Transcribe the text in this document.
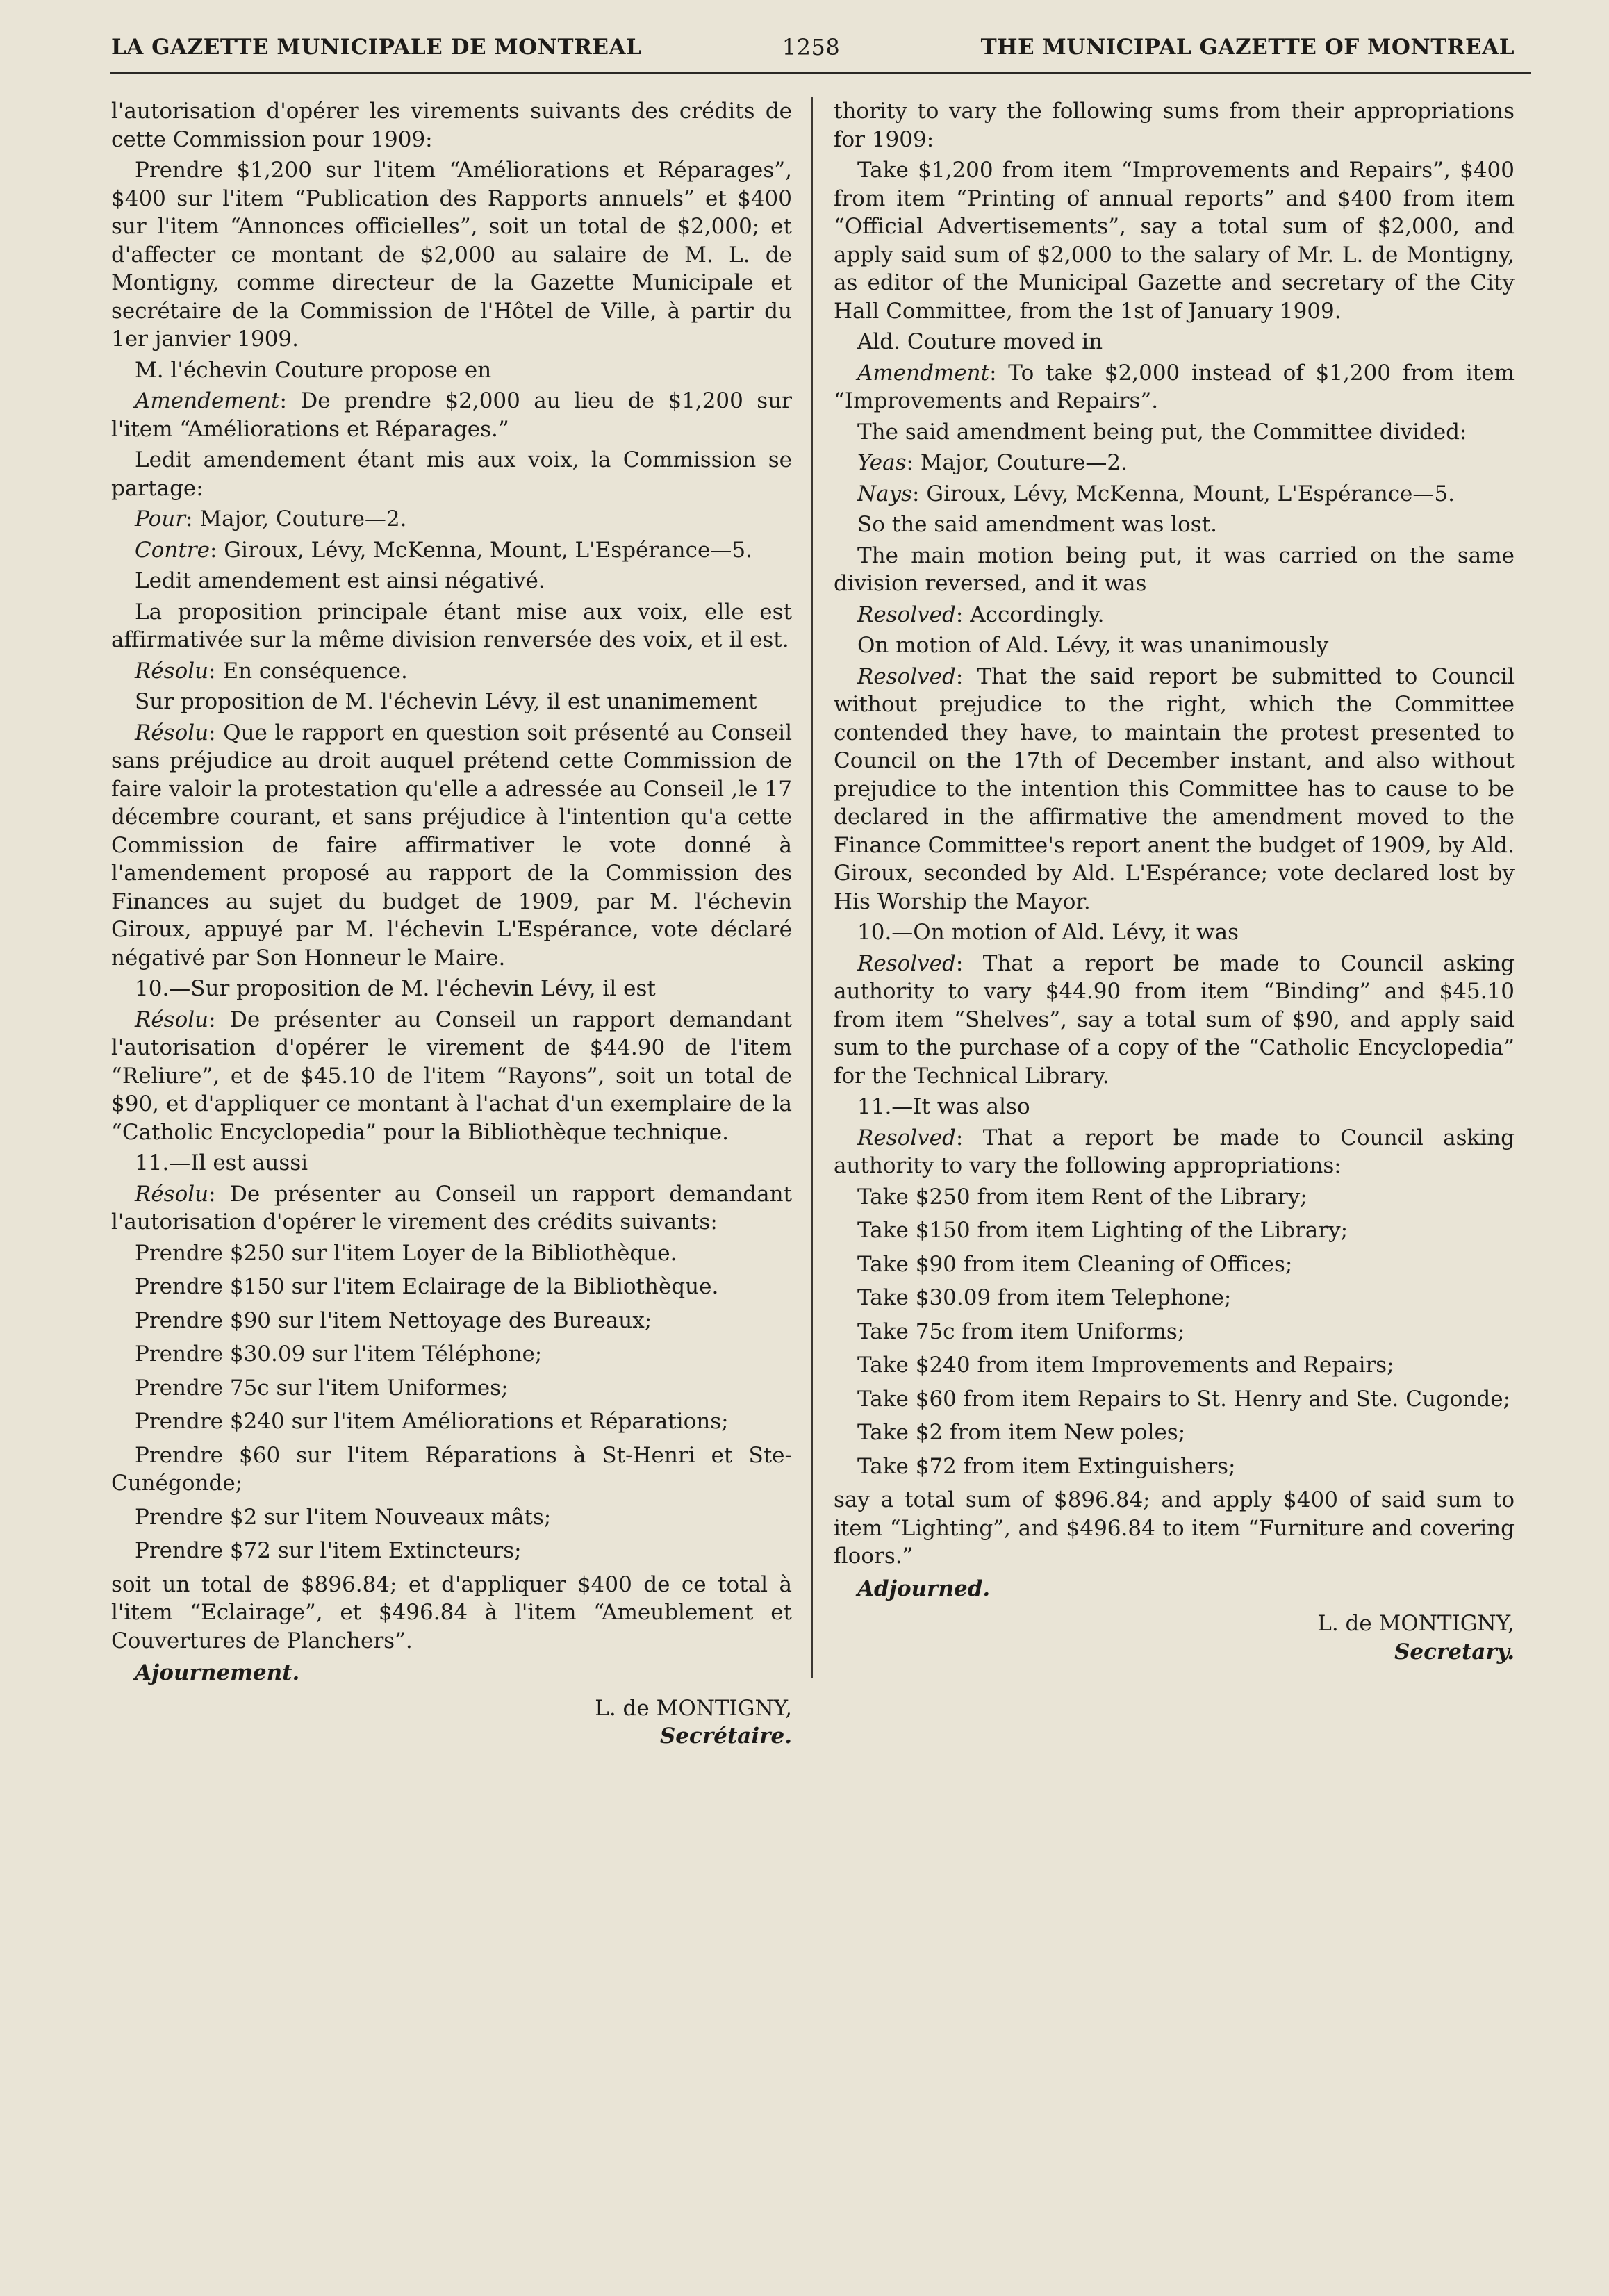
LA GAZETTE MUNICIPALE DE MONTREAL	1258	THE MUNICIPAL GAZETTE OF MONTREAL

l'autorisation d'opérer les virements suivants des crédits de cette Commission pour 1909:

Prendre $1,200 sur l'item “Améliorations et Réparages”, $400 sur l'item “Publication des Rapports annuels” et $400 sur l'item “Annonces officielles”, soit un total de $2,000; et d'affecter ce montant de $2,000 au salaire de M. L. de Montigny, comme directeur de la Gazette Municipale et secrétaire de la Commission de l'Hôtel de Ville, à partir du 1er janvier 1909.

M. l'échevin Couture propose en

Amendement: De prendre $2,000 au lieu de $1,200 sur l'item “Améliorations et Réparages.”

Ledit amendement étant mis aux voix, la Commission se partage:

Pour: Major, Couture—2.

Contre: Giroux, Lévy, McKenna, Mount, L'Espérance—5.

Ledit amendement est ainsi négativé.

La proposition principale étant mise aux voix, elle est affirmativée sur la même division renversée des voix, et il est.

Résolu: En conséquence.

Sur proposition de M. l'échevin Lévy, il est unanimement

Résolu: Que le rapport en question soit présenté au Conseil sans préjudice au droit auquel prétend cette Commission de faire valoir la protestation qu'elle a adressée au Conseil ,le 17 décembre courant, et sans préjudice à l'intention qu'a cette Commission de faire affirmativer le vote donné à l'amendement proposé au rapport de la Commission des Finances au sujet du budget de 1909, par M. l'échevin Giroux, appuyé par M. l'échevin L'Espérance, vote déclaré négativé par Son Honneur le Maire.

10.—Sur proposition de M. l'échevin Lévy, il est

Résolu: De présenter au Conseil un rapport demandant l'autorisation d'opérer le virement de $44.90 de l'item “Reliure”, et de $45.10 de l'item “Rayons”, soit un total de $90, et d'appliquer ce montant à l'achat d'un exemplaire de la “Catholic Encyclopedia” pour la Bibliothèque technique.

11.—Il est aussi

Résolu: De présenter au Conseil un rapport demandant l'autorisation d'opérer le virement des crédits suivants:

Prendre $250 sur l'item Loyer de la Bibliothèque.

Prendre $150 sur l'item Eclairage de la Bibliothèque.

Prendre $90 sur l'item Nettoyage des Bureaux;

Prendre $30.09 sur l'item Téléphone;

Prendre 75c sur l'item Uniformes;

Prendre $240 sur l'item Améliorations et Réparations;

Prendre $60 sur l'item Réparations à St-Henri et Ste-Cunégonde;

Prendre $2 sur l'item Nouveaux mâts;

Prendre $72 sur l'item Extincteurs;

soit un total de $896.84; et d'appliquer $400 de ce total à l'item “Eclairage”, et $496.84 à l'item “Ameublement et Couvertures de Planchers”.

Ajournement.

L. de MONTIGNY,
Secrétaire.

thority to vary the following sums from their appropriations for 1909:

Take $1,200 from item “Improvements and Repairs”, $400 from item “Printing of annual reports” and $400 from item “Official Advertisements”, say a total sum of $2,000, and apply said sum of $2,000 to the salary of Mr. L. de Montigny, as editor of the Municipal Gazette and secretary of the City Hall Committee, from the 1st of January 1909.

Ald. Couture moved in

Amendment: To take $2,000 instead of $1,200 from item “Improvements and Repairs”.

The said amendment being put, the Committee divided:

Yeas: Major, Couture—2.

Nays: Giroux, Lévy, McKenna, Mount, L'Espérance—5.

So the said amendment was lost.

The main motion being put, it was carried on the same division reversed, and it was

Resolved: Accordingly.

On motion of Ald. Lévy, it was unanimously

Resolved: That the said report be submitted to Council without prejudice to the right, which the Committee contended they have, to maintain the protest presented to Council on the 17th of December instant, and also without prejudice to the intention this Committee has to cause to be declared in the affirmative the amendment moved to the Finance Committee's report anent the budget of 1909, by Ald. Giroux, seconded by Ald. L'Espérance; vote declared lost by His Worship the Mayor.

10.—On motion of Ald. Lévy, it was

Resolved: That a report be made to Council asking authority to vary $44.90 from item “Binding” and $45.10 from item “Shelves”, say a total sum of $90, and apply said sum to the purchase of a copy of the “Catholic Encyclopedia” for the Technical Library.

11.—It was also

Resolved: That a report be made to Council asking authority to vary the following appropriations:

Take $250 from item Rent of the Library;

Take $150 from item Lighting of the Library;

Take $90 from item Cleaning of Offices;

Take $30.09 from item Telephone;

Take 75c from item Uniforms;

Take $240 from item Improvements and Repairs;

Take $60 from item Repairs to St. Henry and Ste. Cugonde;

Take $2 from item New poles;

Take $72 from item Extinguishers;

say a total sum of $896.84; and apply $400 of said sum to item “Lighting”, and $496.84 to item “Furniture and covering floors.”

Adjourned.

L. de MONTIGNY,
Secretary.
